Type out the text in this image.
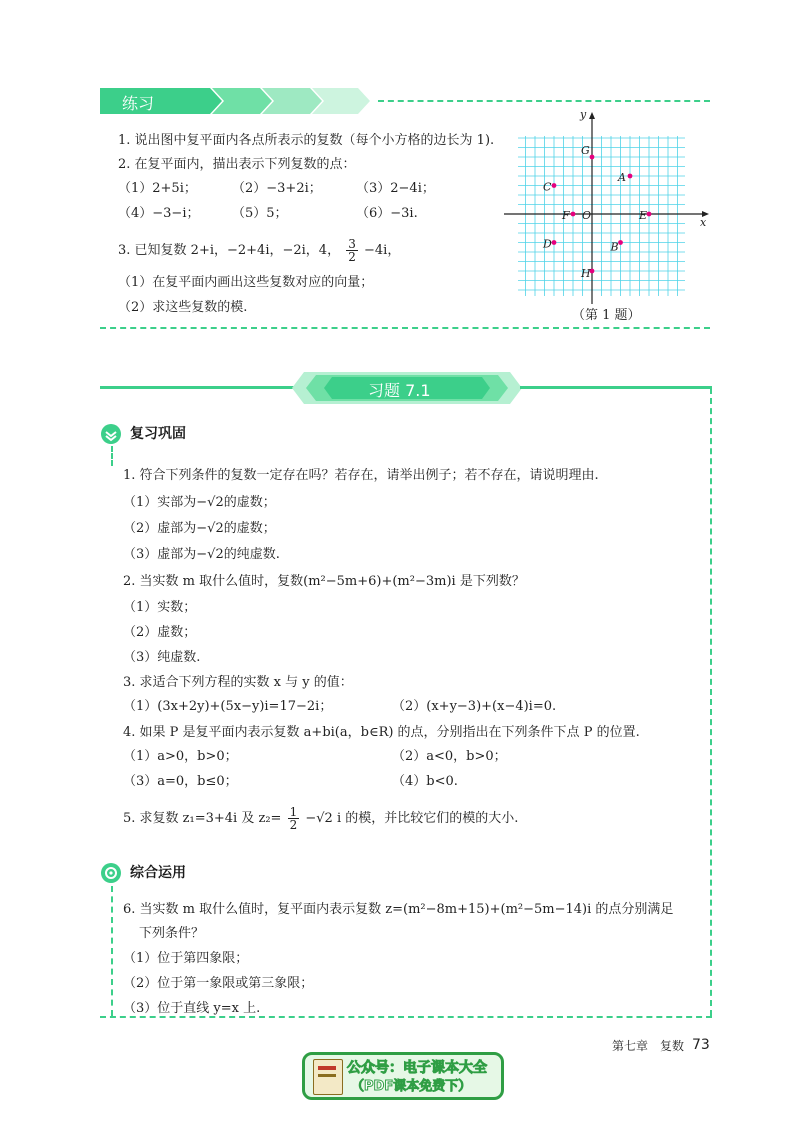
练习
1. 说出图中复平面内各点所表示的复数（每个小方格的边长为 1).
2. 在复平面内，描出表示下列复数的点：
（1）2+5i；	（2）−3+2i；	（3）2−4i；
（4）−3−i；	（5）5；	（6）−3i.
3. 已知复数 2+i，−2+4i，−2i，4， $\frac{3}{2} -4i$，
（1）在复平面内画出这些复数对应的向量；
（2）求这些复数的模.
x
y
G
A
C
F O	E
D	B
H
（第 1 题）
习题 7.1
复习巩固
1. 符合下列条件的复数一定存在吗？若存在，请举出例子；若不存在，请说明理由.
（1）实部为−√2的虚数；
（2）虚部为−√2的虚数；
（3）虚部为−√2的纯虚数.
2. 当实数 m 取什么值时，复数(m²−5m+6)+(m²−3m)i 是下列数？
（1）实数；
（2）虚数；
（3）纯虚数.
3. 求适合下列方程的实数 x 与 y 的值：
（1）(3x+2y)+(5x−y)i=17−2i；	（2）(x+y−3)+(x−4)i=0.
4. 如果 P 是复平面内表示复数 a+bi(a，b∈R) 的点，分别指出在下列条件下点 P 的位置.
（1）a>0，b>0；	（2）a<0，b>0；
（3）a=0，b≤0；	（4）b<0.
5. 求复数 z₁=3+4i 及 $z_2= \frac{1}{2} -√2$ i 的模，并比较它们的模的大小.
综合运用
6. 当实数 m 取什么值时，复平面内表示复数 z=(m²−8m+15)+(m²−5m−14)i 的点分别满足
下列条件？
（1）位于第四象限；
（2）位于第一象限或第三象限；
（3）位于直线 y=x 上.
第七章　复数 73
公众号：电子课本大全
（PDF课本免费下）
